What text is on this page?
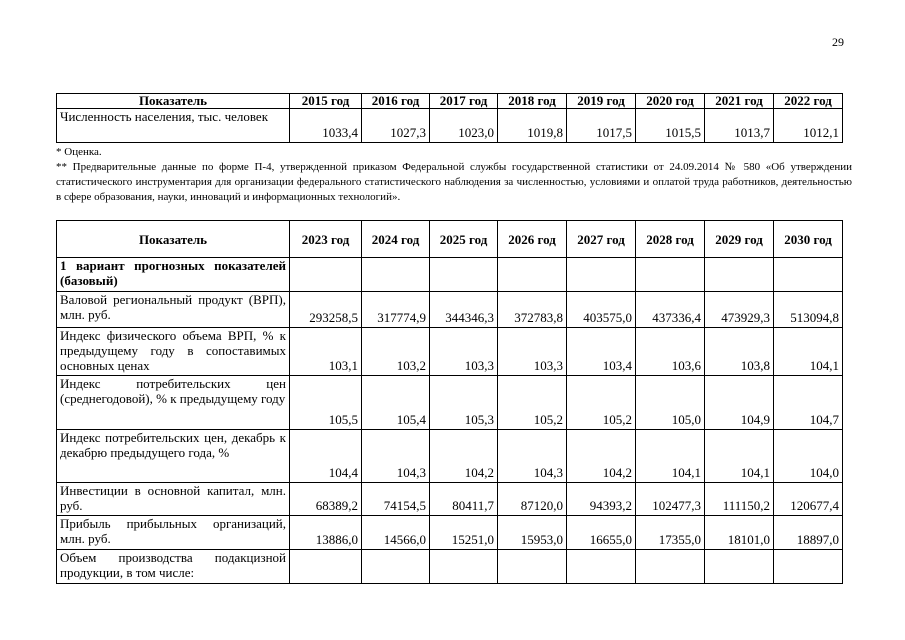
29
Показатель	2015 год	2016 год	2017 год	2018 год	2019 год	2020 год	2021 год	2022 год
Численность населения, тыс. человек	1033,4	1027,3	1023,0	1019,8	1017,5	1015,5	1013,7	1012,1

* Оценка.

** Предварительные данные по форме П-4, утвержденной приказом Федеральной службы государственной статистики от 24.09.2014 № 580 «Об утверждении статистического инструментария для организации федерального статистического наблюдения за численностью, условиями и оплатой труда работников, деятельностью в сфере образования, науки, инноваций и информационных технологий».

Показатель	2023 год	2024 год	2025 год	2026 год	2027 год	2028 год	2029 год	2030 год
1 вариант прогнозных показателей (базовый)								
Валовой региональный продукт (ВРП), млн. руб.	293258,5	317774,9	344346,3	372783,8	403575,0	437336,4	473929,3	513094,8
Индекс физического объема ВРП, % к предыдущему году в сопоставимых основных ценах	103,1	103,2	103,3	103,3	103,4	103,6	103,8	104,1
Индекс потребительских цен (среднегодовой), % к предыдущему году	105,5	105,4	105,3	105,2	105,2	105,0	104,9	104,7
Индекс потребительских цен, декабрь к декабрю предыдущего года, %	104,4	104,3	104,2	104,3	104,2	104,1	104,1	104,0
Инвестиции в основной капитал, млн. руб.	68389,2	74154,5	80411,7	87120,0	94393,2	102477,3	111150,2	120677,4
Прибыль прибыльных организаций, млн. руб.	13886,0	14566,0	15251,0	15953,0	16655,0	17355,0	18101,0	18897,0
Объем производства подакцизной продукции, в том числе:								
